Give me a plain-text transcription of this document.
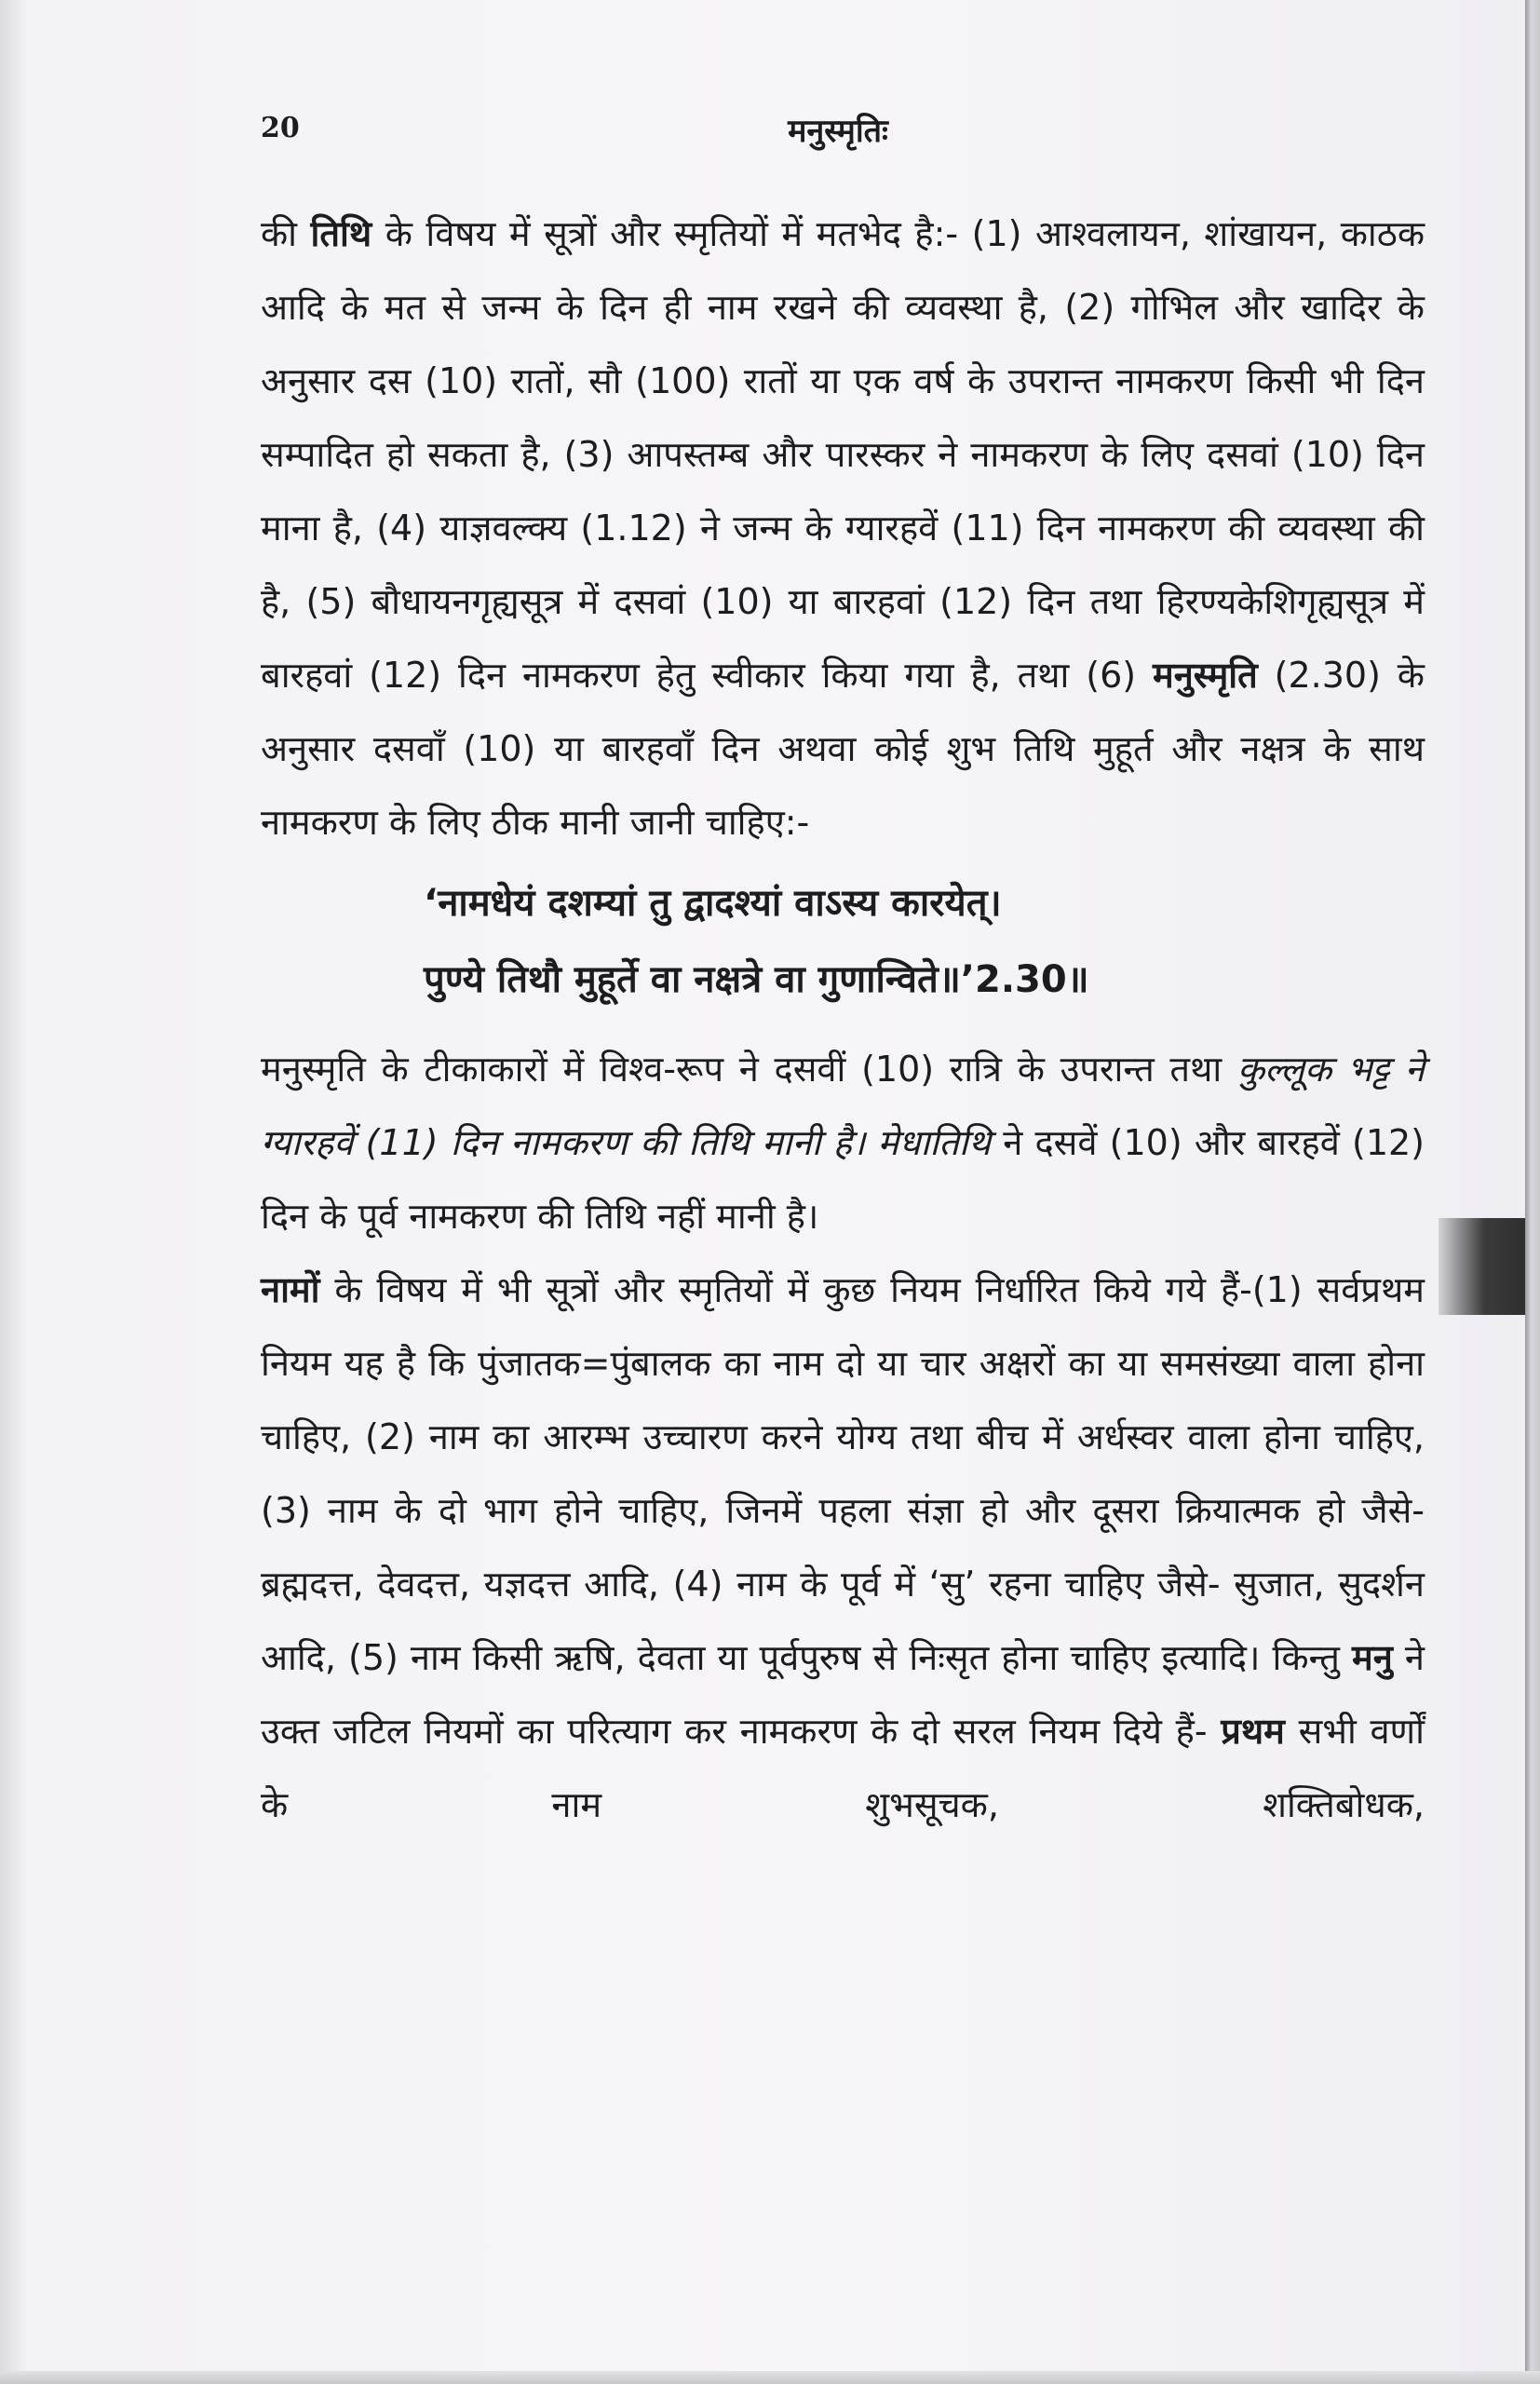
20	मनुस्मृतिः

की तिथि के विषय में सूत्रों और स्मृतियों में मतभेद है:- (1) आश्वलायन, शांखायन, काठक आदि के मत से जन्म के दिन ही नाम रखने की व्यवस्था है, (2) गोभिल और खादिर के अनुसार दस (10) रातों, सौ (100) रातों या एक वर्ष के उपरान्त नामकरण किसी भी दिन सम्पादित हो सकता है, (3) आपस्तम्ब और पारस्कर ने नामकरण के लिए दसवां (10) दिन माना है, (4) याज्ञवल्क्य (1.12) ने जन्म के ग्यारहवें (11) दिन नामकरण की व्यवस्था की है, (5) बौधायनगृह्यसूत्र में दसवां (10) या बारहवां (12) दिन तथा हिरण्यकेशिगृह्यसूत्र में बारहवां (12) दिन नामकरण हेतु स्वीकार किया गया है, तथा (6) मनुस्मृति (2.30) के अनुसार दसवाँ (10) या बारहवाँ दिन अथवा कोई शुभ तिथि मुहूर्त और नक्षत्र के साथ नामकरण के लिए ठीक मानी जानी चाहिए:-

‘नामधेयं दशम्यां तु द्वादश्यां वाऽस्य कारयेत्।
पुण्ये तिथौ मुहूर्ते वा नक्षत्रे वा गुणान्विते॥’2.30॥

मनुस्मृति के टीकाकारों में विश्व-रूप ने दसवीं (10) रात्रि के उपरान्त तथा कुल्लूक भट्ट ने ग्यारहवें (11) दिन नामकरण की तिथि मानी है। मेधातिथि ने दसवें (10) और बारहवें (12) दिन के पूर्व नामकरण की तिथि नहीं मानी है।

नामों के विषय में भी सूत्रों और स्मृतियों में कुछ नियम निर्धारित किये गये हैं-(1) सर्वप्रथम नियम यह है कि पुंजातक=पुंबालक का नाम दो या चार अक्षरों का या समसंख्या वाला होना चाहिए, (2) नाम का आरम्भ उच्चारण करने योग्य तथा बीच में अर्धस्वर वाला होना चाहिए, (3) नाम के दो भाग होने चाहिए, जिनमें पहला संज्ञा हो और दूसरा क्रियात्मक हो जैसे- ब्रह्मदत्त, देवदत्त, यज्ञदत्त आदि, (4) नाम के पूर्व में ‘सु’ रहना चाहिए जैसे- सुजात, सुदर्शन आदि, (5) नाम किसी ऋषि, देवता या पूर्वपुरुष से निःसृत होना चाहिए इत्यादि। किन्तु मनु ने उक्त जटिल नियमों का परित्याग कर नामकरण के दो सरल नियम दिये हैं- प्रथम सभी वर्णों के नाम शुभसूचक, शक्तिबोधक,
